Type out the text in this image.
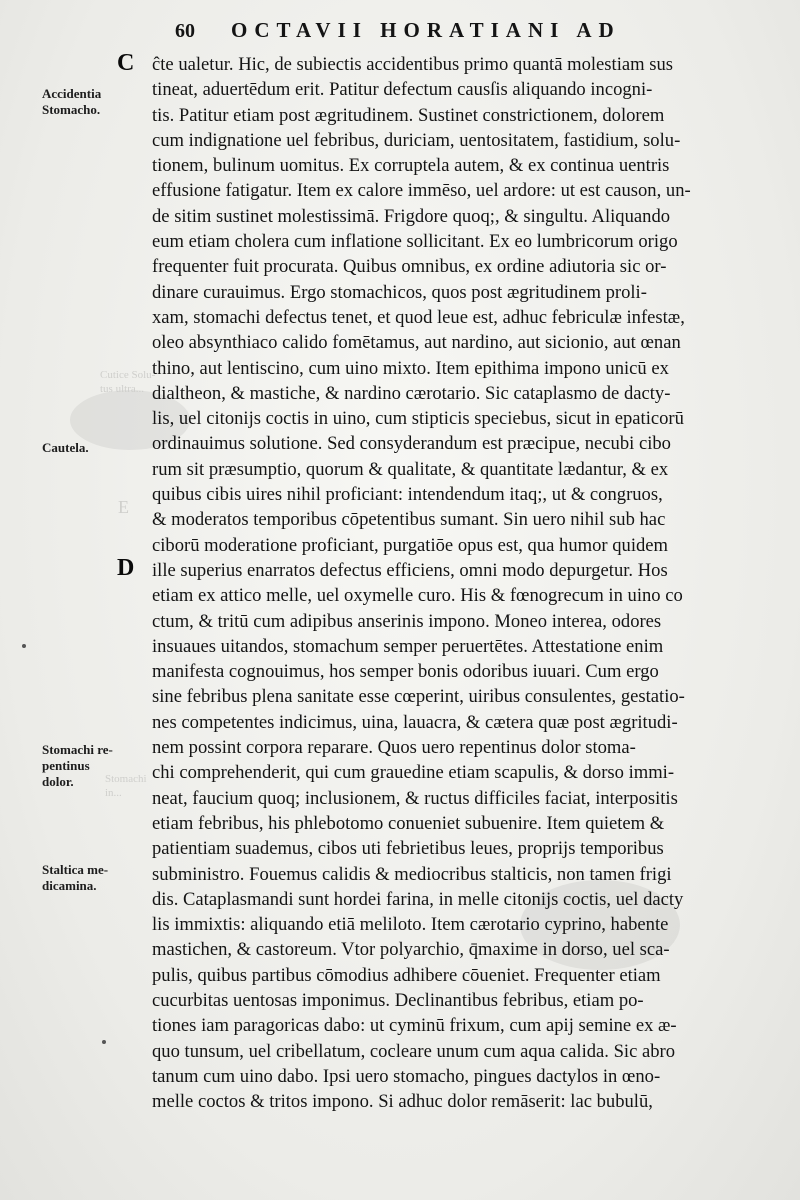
60 OCTAVII HORATIANI AD
C
D
Accidentia
Stomacho.
Cautela.
Stomachi re-
pentinus
dolor.
Staltica me-
dicamina.
Cutice Solu-
tus ultra...
E
Stomachi
in...
ĉte ualetur. Hic, de subiectis accidentibus primo quantā molestiam sus
tineat, aduertēdum erit. Patitur defectum causſis aliquando incogni-
tis. Patitur etiam post ægritudinem. Sustinet constrictionem, dolorem
cum indignatione uel febribus, duriciam, uentositatem, fastidium, solu-
tionem, bulinum uomitus. Ex corruptela autem, & ex continua uentris
effusione fatigatur. Item ex calore immēso, uel ardore: ut est causon, un-
de sitim sustinet molestissimā. Frigdore quoq;, & singultu. Aliquando
eum etiam cholera cum inflatione sollicitant. Ex eo lumbricorum origo
frequenter fuit procurata. Quibus omnibus, ex ordine adiutoria sic or-
dinare curauimus. Ergo stomachicos, quos post ægritudinem proli-
xam, stomachi defectus tenet, et quod leue est, adhuc febriculæ infestæ,
oleo absynthiaco calido fomētamus, aut nardino, aut sicionio, aut œnan
thino, aut lentiscino, cum uino mixto. Item epithima impono unicū ex
dialtheon, & mastiche, & nardino cærotario. Sic cataplasmo de dacty-
lis, uel citonijs coctis in uino, cum stipticis speciebus, sicut in epaticorū
ordinauimus solutione. Sed consyderandum est præcipue, necubi cibo
rum sit præsumptio, quorum & qualitate, & quantitate lædantur, & ex
quibus cibis uires nihil proficiant: intendendum itaq;, ut & congruos,
& moderatos temporibus cōpetentibus sumant. Sin uero nihil sub hac
ciborū moderatione proficiant, purgatiōe opus est, qua humor quidem
ille superius enarratos defectus efficiens, omni modo depurgetur. Hos
etiam ex attico melle, uel oxymelle curo. His & fœnogrecum in uino co
ctum, & tritū cum adipibus anserinis impono. Moneo interea, odores
insuaues uitandos, stomachum semper peruertētes. Attestatione enim
manifesta cognouimus, hos semper bonis odoribus iuuari. Cum ergo
sine febribus plena sanitate esse cœperint, uiribus consulentes, gestatio-
nes competentes indicimus, uina, lauacra, & cætera quæ post ægritudi-
nem possint corpora reparare. Quos uero repentinus dolor stoma-
chi comprehenderit, qui cum grauedine etiam scapulis, & dorso immi-
neat, faucium quoq; inclusionem, & ructus difficiles faciat, interpositis
etiam febribus, his phlebotomo conueniet subuenire. Item quietem &
patientiam suademus, cibos uti febrietibus leues, proprijs temporibus
subministro. Fouemus calidis & mediocribus stalticis, non tamen frigi
dis. Cataplasmandi sunt hordei farina, in melle citonijs coctis, uel dacty
lis immixtis: aliquando etiā meliloto. Item cærotario cyprino, habente
mastichen, & castoreum. Vtor polyarchio, q̄maxime in dorso, uel sca-
pulis, quibus partibus cōmodius adhibere cōueniet. Frequenter etiam
cucurbitas uentosas imponimus. Declinantibus febribus, etiam po-
tiones iam paragoricas dabo: ut cyminū frixum, cum apij semine ex æ-
quo tunsum, uel cribellatum, cocleare unum cum aqua calida. Sic abro
tanum cum uino dabo. Ipsi uero stomacho, pingues dactylos in œno-
melle coctos & tritos impono. Si adhuc dolor remāserit: lac bubulū,
